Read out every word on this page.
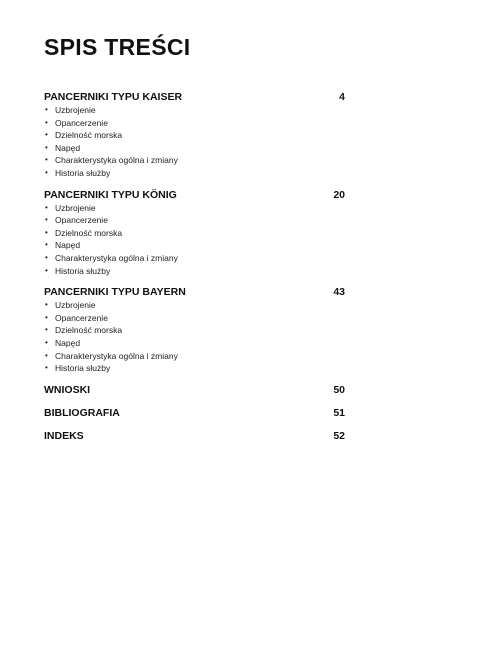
SPIS TREŚCI
PANCERNIKI TYPU KAISER	4
• Uzbrojenie
• Opancerzenie
• Dzielność morska
• Napęd
• Charakterystyka ogólna i zmiany
• Historia służby
PANCERNIKI TYPU KÖNIG	20
• Uzbrojenie
• Opancerzenie
• Dzielność morska
• Napęd
• Charakterystyka ogólna i zmiany
• Historia służby
PANCERNIKI TYPU BAYERN	43
• Uzbrojenie
• Opancerzenie
• Dzielność morska
• Napęd
• Charakterystyka ogólna i zmiany
• Historia służby
WNIOSKI	50
BIBLIOGRAFIA	51
INDEKS	52
